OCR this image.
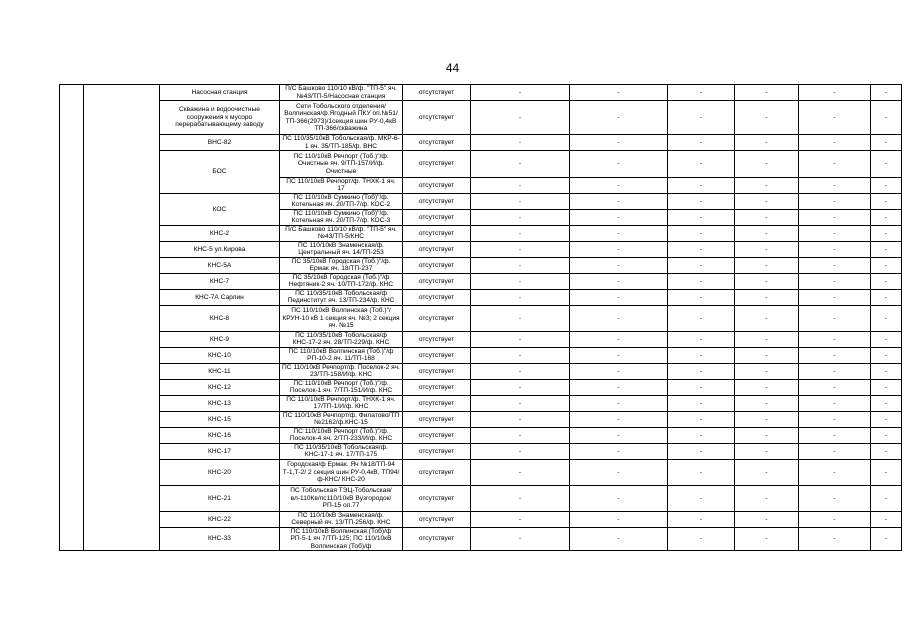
44
		Насосная станция	П/С Башково 110/10 кВ/ф. "ТП-5" яч. №43/ТП-5/Насосная станция	отсутствует	-	-	-	-	-	-
		Скважина и водоочистные сооружения к мусоро перерабатывающему заводу	Сети Тобольского отделения/Волпинская/ф.Ягодный ПКУ оп.№51/ТП-366(2973)/1секция шин РУ-0,4кВ ТП-366/скважина	отсутствует	-	-	-	-	-	-
		ВНС-82	ПС 110/35/10кВ Тобольская/ф. МКР-6-1 яч. 35/ТП-185/ф. ВНС	отсутствует	-	-	-	-	-	-
		БОС	ПС 110/10кВ Речпорт (Тоб.)"/ф. Очистные яч. 9/ТП-157/И/ф. Очистные	отсутствует	-	-	-	-	-	-
			ПС 110/10кВ Речпорт/ф. ТНХК-1 яч. 17	отсутствует	-	-	-	-	-	-
		КОС	ПС 110/10кВ Сумкино (Тоб)"/ф. Котельная яч. 20/ТП-7/ф. КОС-2	отсутствует	-	-	-	-	-	-
			ПС 110/10кВ Сумкино (Тоб)"/ф. Котельная яч. 20/ТП-7/ф. КОС-3	отсутствует	-	-	-	-	-	-
		КНС-2	П/С Башково 110/10 кВ/ф. "ТП-5" яч. №43/ТП-5/КНС	отсутствует	-	-	-	-	-	-
		КНС-5 ул.Кирова	ПС 110/10кВ Знаменская/ф. Центральный яч. 14/ТП-253	отсутствует	-	-	-	-	-	-
		КНС-5А	ПС 35/10кВ Городская (Тоб.)"/ф. Ермак яч. 18/ТП-237	отсутствует	-	-	-	-	-	-
		КНС-7	ПС 35/10кВ Городская (Тоб.)"/ф Нефтяник-2 яч. 10/ТП-172/ф. КНС	отсутствует	-	-	-	-	-	-
		КНС-7А Сарлин	ПС 110/35/10кВ Тобольская/ф Пединститут яч. 13/ТП-234/ф. КНС	отсутствует	-	-	-	-	-	-
		КНС-8	ПС 110/10кВ Волпинская (Тоб.)"/КРУН-10 кВ 1 секция яч. №3; 2 секция яч. №15	отсутствует	-	-	-	-	-	-
		КНС-9	ПС 110/35/10кВ Тобольская/ф КНС-17-2 яч. 28/ТП-229/ф. КНС	отсутствует	-	-	-	-	-	-
		КНС-10	ПС 110/10кВ Волпинская (Тоб.)"/ф РП-10-2 яч. 11/ТП-168	отсутствует	-	-	-	-	-	-
		КНС-11	ПС 110/10кВ Речпорт/ф. Поселок-2 яч. 23/ТП-158/И/ф. КНС	отсутствует	-	-	-	-	-	-
		КНС-12	ПС 110/10кВ Речпорт (Тоб.)"/ф. Поселок-1 яч. 7/ТП-151/И/ф. КНС	отсутствует	-	-	-	-	-	-
		КНС-13	ПС 110/10кВ Речпорт/ф. ТНХК-1 яч. 17/ТП-1/И/ф. КНС	отсутствует	-	-	-	-	-	-
		КНС-15	ПС 110/10кВ Речпорт/ф. Филатово/ТП №2162/ф.КНС-15	отсутствует	-	-	-	-	-	-
		КНС-16	ПС 110/10кВ Речпорт (Тоб.)"/ф. Поселок-4 яч. 2/ТП-233/И/ф. КНС	отсутствует	-	-	-	-	-	-
		КНС-17	ПС 110/35/10кВ Тобольская/ф. КНС-17-1 яч. 17/ТП-175	отсутствует	-	-	-	-	-	-
		КНС-20	Городская/ф Ермак. Яч №18/ТП-94 Т-1,Т-2/ 2 секция шин РУ-0,4кВ, ТП94/ ф-КНС/ КНС-20	отсутствует	-	-	-	-	-	-
		КНС-21	ПС Тобольская ТЭЦ-Тобольская/вл-110Кв/пс110/10кВ Вузгородок/РП-15 оп.77	отсутствует	-	-	-	-	-	-
		КНС-22	ПС 110/10кВ Знаменская/ф. Северный яч. 13/ТП-256/ф. КНС	отсутствует	-	-	-	-	-	-
		КНС-33	ПС 110/10кВ Волпинская (Тоб)/ф РП-5-1 яч 7/ТП-125; ПС 110/10кВ Волпинская (Тоб)/ф	отсутствует	-	-	-	-	-	-
